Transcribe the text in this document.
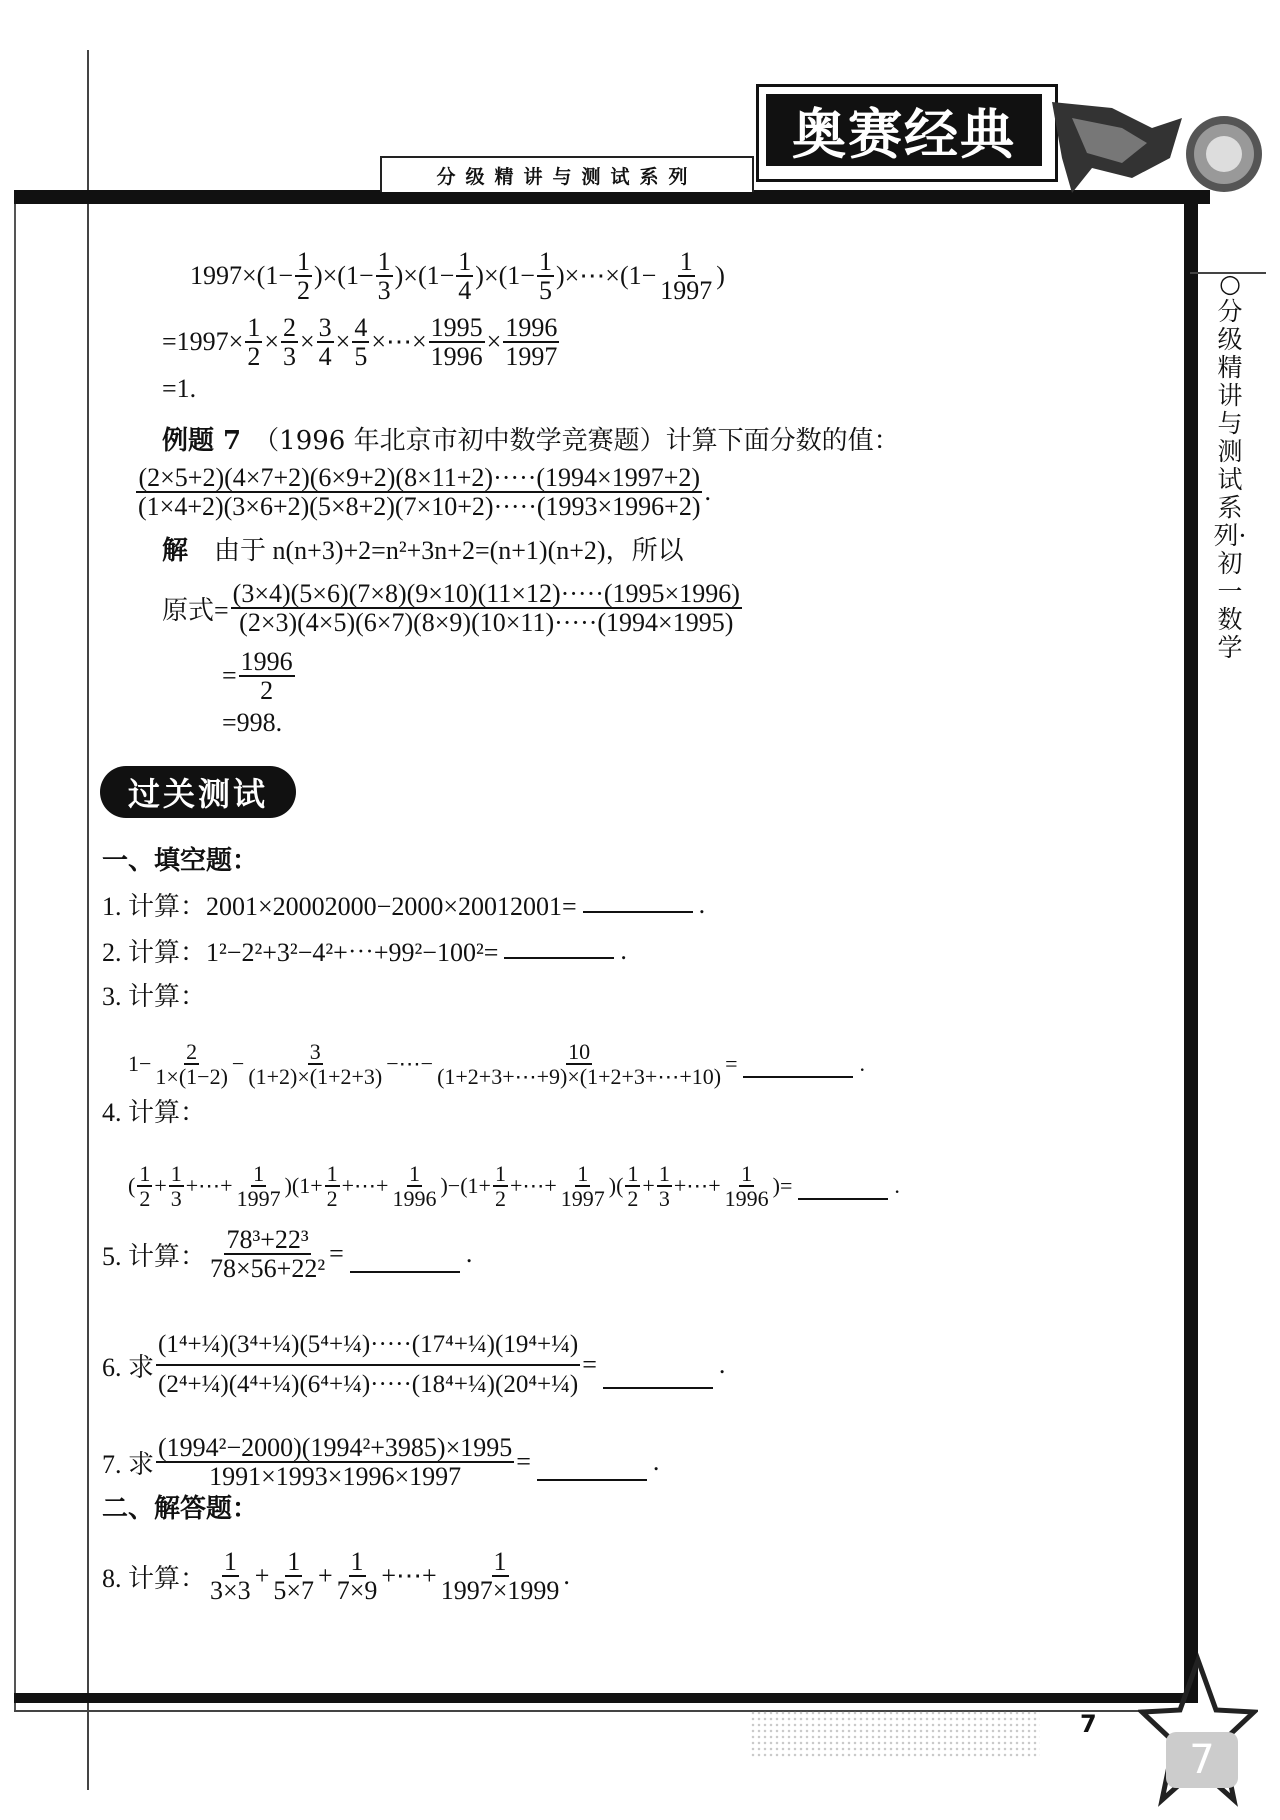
分级精讲与测试系列
奥赛经典
○分级精讲与测试系列·初一数学
$1997\times(1- \frac{1}{2} )\times(1- \frac{1}{3} )\times(1- \frac{1}{4} )\times(1- \frac{1}{5}$ )×⋯×(1− $\frac{1}{1997}$ )
$=1997\times \frac{1}{2} \times \frac{2}{3} \times \frac{3}{4} \times \frac{4}{5}$ ×⋯× $\frac{1995}{1996} \times \frac{1996}{1997}$
=1.
例题 7 （1996 年北京市初中数学竞赛题）计算下面分数的值：
$\frac{(2\times 5+2)(4\times 7+2)(6\times 9+2)(8\times 11+2)\cdot\cdot\cdot\cdot\cdot(1994\times 1997+2)}{(1\times 4+2)(3\times 6+2)(5\times 8+2)(7\times 10+2)\cdot\cdot\cdot\cdot\cdot(1993\times 1996+2)}$ .
解 由于 n(n+3)+2=n²+3n+2=(n+1)(n+2)，所以
原式= $\frac{(3\times 4)(5\times 6)(7\times 8)(9\times 10)(11\times 12)\cdot\cdot\cdot\cdot\cdot(1995\times 1996)}{(2\times 3)(4\times 5)(6\times 7)(8\times 9)(10\times 11)\cdot\cdot\cdot\cdot\cdot(1994\times 1995)}$
= $\frac{1996}{2}$
=998.
过关测试
一、填空题：
1. 计算：2001×20002000−2000×20012001=	.
2. 计算：1²−2²+3²−4²+⋯+99²−100²=	.
3. 计算：
$1- \frac{2}{1\times(1-2)} - \frac{3}{(1+2)\times(1+2+3)}$ −⋯− $\frac{10}{(1+2+3+\cdots+9)\times(1+2+3+\cdots+10)}$ =	.
4. 计算：
( $\frac{1}{2} + \frac{1}{3}$ +⋯+ $\frac{1}{1997} )(1+ \frac{1}{2}$ +⋯+ $\frac{1}{1996} )-(1+ \frac{1}{2}$ +⋯+ $\frac{1}{1997}$ )( $\frac{1}{2} + \frac{1}{3}$ +⋯+ $\frac{1}{1996}$ )=	.
5. 计算： $\frac{\text{78³+22³}}{\text{78×56+22²}}$ =	.
6. 求 $\frac{\text{(1⁴+¼)(3⁴+¼)(5⁴+¼)·····(17⁴+¼)(19⁴+¼)}}{\text{(2⁴+¼)(4⁴+¼)(6⁴+¼)·····(18⁴+¼)(20⁴+¼)}}$ =	.
7. 求 $\frac{\text{(1994²−2000)(1994²+3985)×1995}}{1991\times 1993\times 1996\times 1997}$ =	.
二、解答题：
8. 计算： $\frac{1}{3\times 3} + \frac{1}{5\times 7} + \frac{1}{7\times 9}$ +⋯+ $\frac{1}{1997\times 1999}$ .
7
7
